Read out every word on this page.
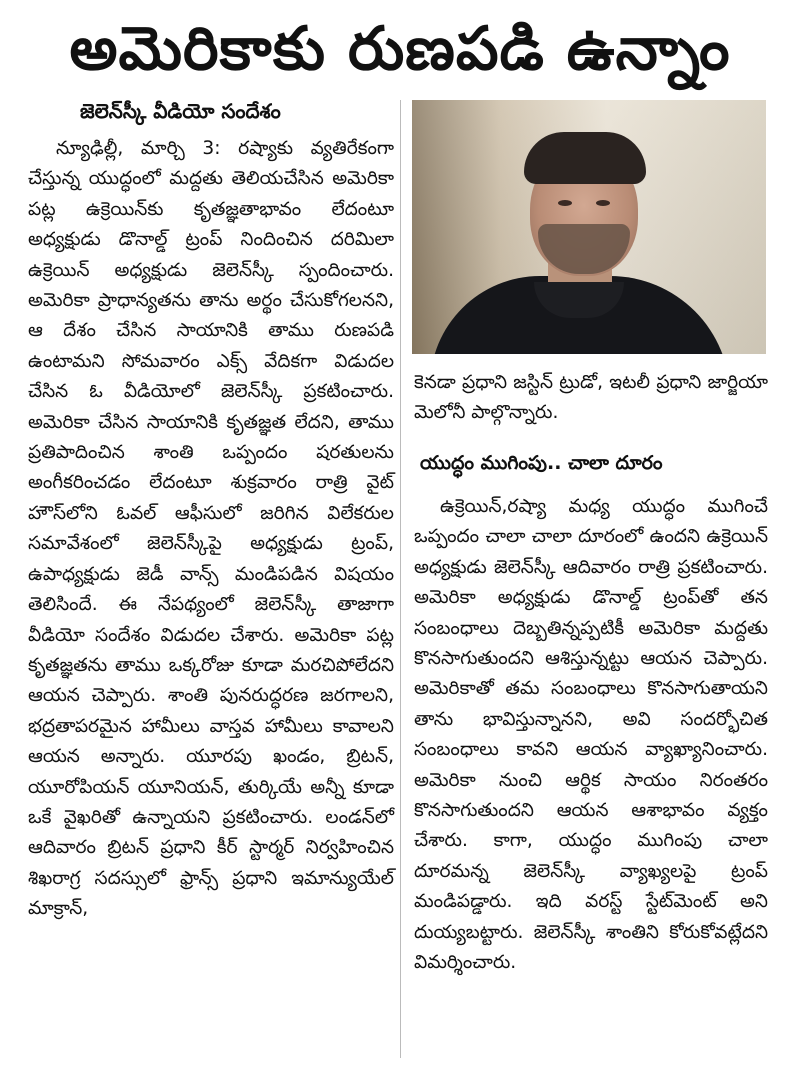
అమెరికాకు రుణపడి ఉన్నాం
జెలెన్‌స్కీ వీడియో సందేశం

న్యూఢిల్లీ, మార్చి 3: రష్యాకు వ్యతిరేకంగా చేస్తున్న యుద్ధంలో మద్దతు తెలియచేసిన అమెరికా పట్ల ఉక్రెయిన్‌కు కృతజ్ఞతాభావం లేదంటూ అధ్యక్షుడు డొనాల్డ్ ట్రంప్ నిందించిన దరిమిలా ఉక్రెయిన్ అధ్యక్షుడు జెలెన్‌స్కీ స్పందించారు. అమెరికా ప్రాధాన్యతను తాను అర్థం చేసుకోగలనని, ఆ దేశం చేసిన సాయానికి తాము రుణపడి ఉంటామని సోమవారం ఎక్స్ వేదికగా విడుదల చేసిన ఓ వీడియోలో జెలెన్‌స్కీ ప్రకటించారు. అమెరికా చేసిన సాయానికి కృతజ్ఞత లేదని, తాము ప్రతిపాదించిన శాంతి ఒప్పందం షరతులను అంగీకరించడం లేదంటూ శుక్రవారం రాత్రి వైట్ హౌస్‌లోని ఓవల్ ఆఫీసులో జరిగిన విలేకరుల సమావేశంలో జెలెన్‌స్కీపై అధ్యక్షుడు ట్రంప్, ఉపాధ్యక్షుడు జెడీ వాన్స్ మండిపడిన విషయం తెలిసిందే. ఈ నేపథ్యంలో జెలెన్‌స్కీ తాజాగా వీడియో సందేశం విడుదల చేశారు. అమెరికా పట్ల కృతజ్ఞతను తాము ఒక్కరోజు కూడా మరచిపోలేదని ఆయన చెప్పారు. శాంతి పునరుద్ధరణ జరగాలని, భద్రతాపరమైన హామీలు వాస్తవ హామీలు కావాలని ఆయన అన్నారు. యూరపు ఖండం, బ్రిటన్, యూరోపియన్ యూనియన్, తుర్కియే అన్నీ కూడా ఒకే వైఖరితో ఉన్నాయని ప్రకటించారు. లండన్‌లో ఆదివారం బ్రిటన్ ప్రధాని కీర్ స్టార్మర్ నిర్వహించిన శిఖరాగ్ర సదస్సులో ఫ్రాన్స్ ప్రధాని ఇమాన్యుయేల్ మాక్రాన్,

కెనడా ప్రధాని జస్టిన్ ట్రుడో, ఇటలీ ప్రధాని జార్జియా మెలోనీ పాల్గొన్నారు.
యుద్ధం ముగింపు.. చాలా దూరం

ఉక్రెయిన్,రష్యా మధ్య యుద్ధం ముగించే ఒప్పందం చాలా చాలా దూరంలో ఉందని ఉక్రెయిన్ అధ్యక్షుడు జెలెన్‌స్కీ ఆదివారం రాత్రి ప్రకటించారు. అమెరికా అధ్యక్షుడు డొనాల్డ్ ట్రంప్‌తో తన సంబంధాలు దెబ్బతిన్నప్పటికీ అమెరికా మద్దతు కొనసాగుతుందని ఆశిస్తున్నట్టు ఆయన చెప్పారు. అమెరికాతో తమ సంబంధాలు కొనసాగుతాయని తాను భావిస్తున్నానని, అవి సందర్భోచిత సంబంధాలు కావని ఆయన వ్యాఖ్యానించారు. అమెరికా నుంచి ఆర్థిక సాయం నిరంతరం కొనసాగుతుందని ఆయన ఆశాభావం వ్యక్తం చేశారు. కాగా, యుద్ధం ముగింపు చాలా దూరమన్న జెలెన్‌స్కీ వ్యాఖ్యలపై ట్రంప్ మండిపడ్డారు. ఇది వరస్ట్ స్టేట్‌మెంట్ అని దుయ్యబట్టారు. జెలెన్‌స్కీ శాంతిని కోరుకోవట్లేదని విమర్శించారు.
